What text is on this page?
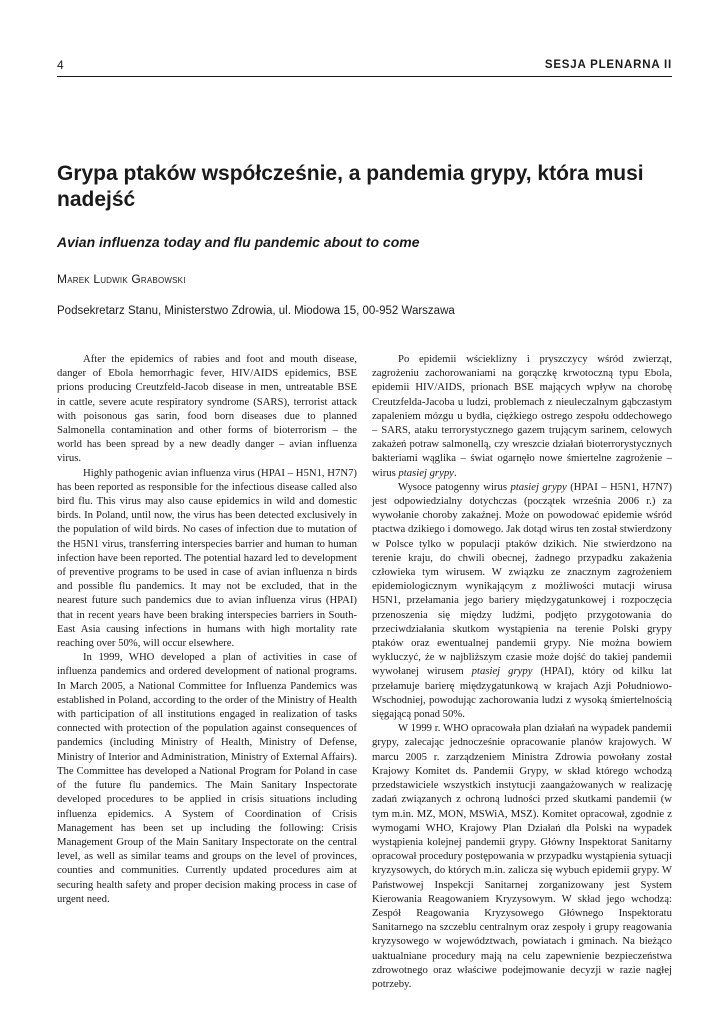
4	SESJA PLENARNA II
Grypa ptaków współcześnie, a pandemia grypy, która musi nadejść
Avian influenza today and flu pandemic about to come
Marek Ludwik Grabowski
Podsekretarz Stanu, Ministerstwo Zdrowia, ul. Miodowa 15, 00-952 Warszawa

After the epidemics of rabies and foot and mouth disease, danger of Ebola hemorrhagic fever, HIV/AIDS epidemics, BSE prions producing Creutzfeld-Jacob disease in men, untreatable BSE in cattle, severe acute respiratory syndrome (SARS), terrorist attack with poisonous gas sarin, food born diseases due to planned Salmonella contamination and other forms of bioterrorism – the world has been spread by a new deadly danger – avian influenza virus.

Highly pathogenic avian influenza virus (HPAI – H5N1, H7N7) has been reported as responsible for the infectious disease called also bird flu. This virus may also cause epidemics in wild and domestic birds. In Poland, until now, the virus has been detected exclusively in the population of wild birds. No cases of infection due to mutation of the H5N1 virus, transferring interspecies barrier and human to human infection have been reported. The potential hazard led to development of preventive programs to be used in case of avian influenza n birds and possible flu pandemics. It may not be excluded, that in the nearest future such pandemics due to avian influenza virus (HPAI) that in recent years have been braking interspecies barriers in South-East Asia causing infections in humans with high mortality rate reaching over 50%, will occur elsewhere.

In 1999, WHO developed a plan of activities in case of influenza pandemics and ordered development of national programs. In March 2005, a National Committee for Influenza Pandemics was established in Poland, according to the order of the Ministry of Health with participation of all institutions engaged in realization of tasks connected with protection of the population against consequences of pandemics (including Ministry of Health, Ministry of Defense, Ministry of Interior and Administration, Ministry of External Affairs). The Committee has developed a National Program for Poland in case of the future flu pandemics. The Main Sanitary Inspectorate developed procedures to be applied in crisis situations including influenza epidemics. A System of Coordination of Crisis Management has been set up including the following: Crisis Management Group of the Main Sanitary Inspectorate on the central level, as well as similar teams and groups on the level of provinces, counties and communities. Currently updated procedures aim at securing health safety and proper decision making process in case of urgent need.

Po epidemii wścieklizny i pryszczycy wśród zwierząt, zagrożeniu zachorowaniami na gorączkę krwotoczną typu Ebola, epidemii HIV/AIDS, prionach BSE mających wpływ na chorobę Creutzfelda-Jacoba u ludzi, problemach z nieuleczalnym gąbczastym zapaleniem mózgu u bydła, ciężkiego ostrego zespołu oddechowego – SARS, ataku terrorystycznego gazem trującym sarinem, celowych zakażeń potraw salmonellą, czy wreszcie działań bioterrorystycznych bakteriami wąglika – świat ogarnęło nowe śmiertelne zagrożenie – wirus ptasiej grypy.

Wysoce patogenny wirus ptasiej grypy (HPAI – H5N1, H7N7) jest odpowiedzialny dotychczas (początek września 2006 r.) za wywołanie choroby zakaźnej. Może on powodować epidemie wśród ptactwa dzikiego i domowego. Jak dotąd wirus ten został stwierdzony w Polsce tylko w populacji ptaków dzikich. Nie stwierdzono na terenie kraju, do chwili obecnej, żadnego przypadku zakażenia człowieka tym wirusem. W związku ze znacznym zagrożeniem epidemiologicznym wynikającym z możliwości mutacji wirusa H5N1, przełamania jego bariery międzygatunkowej i rozpoczęcia przenoszenia się między ludźmi, podjęto przygotowania do przeciwdziałania skutkom wystąpienia na terenie Polski grypy ptaków oraz ewentualnej pandemii grypy. Nie można bowiem wykluczyć, że w najbliższym czasie może dojść do takiej pandemii wywołanej wirusem ptasiej grypy (HPAI), który od kilku lat przełamuje barierę międzygatunkową w krajach Azji Południowo-Wschodniej, powodując zachorowania ludzi z wysoką śmiertelnością sięgającą ponad 50%.

W 1999 r. WHO opracowała plan działań na wypadek pandemii grypy, zalecając jednocześnie opracowanie planów krajowych. W marcu 2005 r. zarządzeniem Ministra Zdrowia powołany został Krajowy Komitet ds. Pandemii Grypy, w skład którego wchodzą przedstawiciele wszystkich instytucji zaangażowanych w realizację zadań związanych z ochroną ludności przed skutkami pandemii (w tym m.in. MZ, MON, MSWiA, MSZ). Komitet opracował, zgodnie z wymogami WHO, Krajowy Plan Działań dla Polski na wypadek wystąpienia kolejnej pandemii grypy. Główny Inspektorat Sanitarny opracował procedury postępowania w przypadku wystąpienia sytuacji kryzysowych, do których m.in. zalicza się wybuch epidemii grypy. W Państwowej Inspekcji Sanitarnej zorganizowany jest System Kierowania Reagowaniem Kryzysowym. W skład jego wchodzą: Zespół Reagowania Kryzysowego Głównego Inspektoratu Sanitarnego na szczeblu centralnym oraz zespoły i grupy reagowania kryzysowego w województwach, powiatach i gminach. Na bieżąco uaktualniane procedury mają na celu zapewnienie bezpieczeństwa zdrowotnego oraz właściwe podejmowanie decyzji w razie nagłej potrzeby.
